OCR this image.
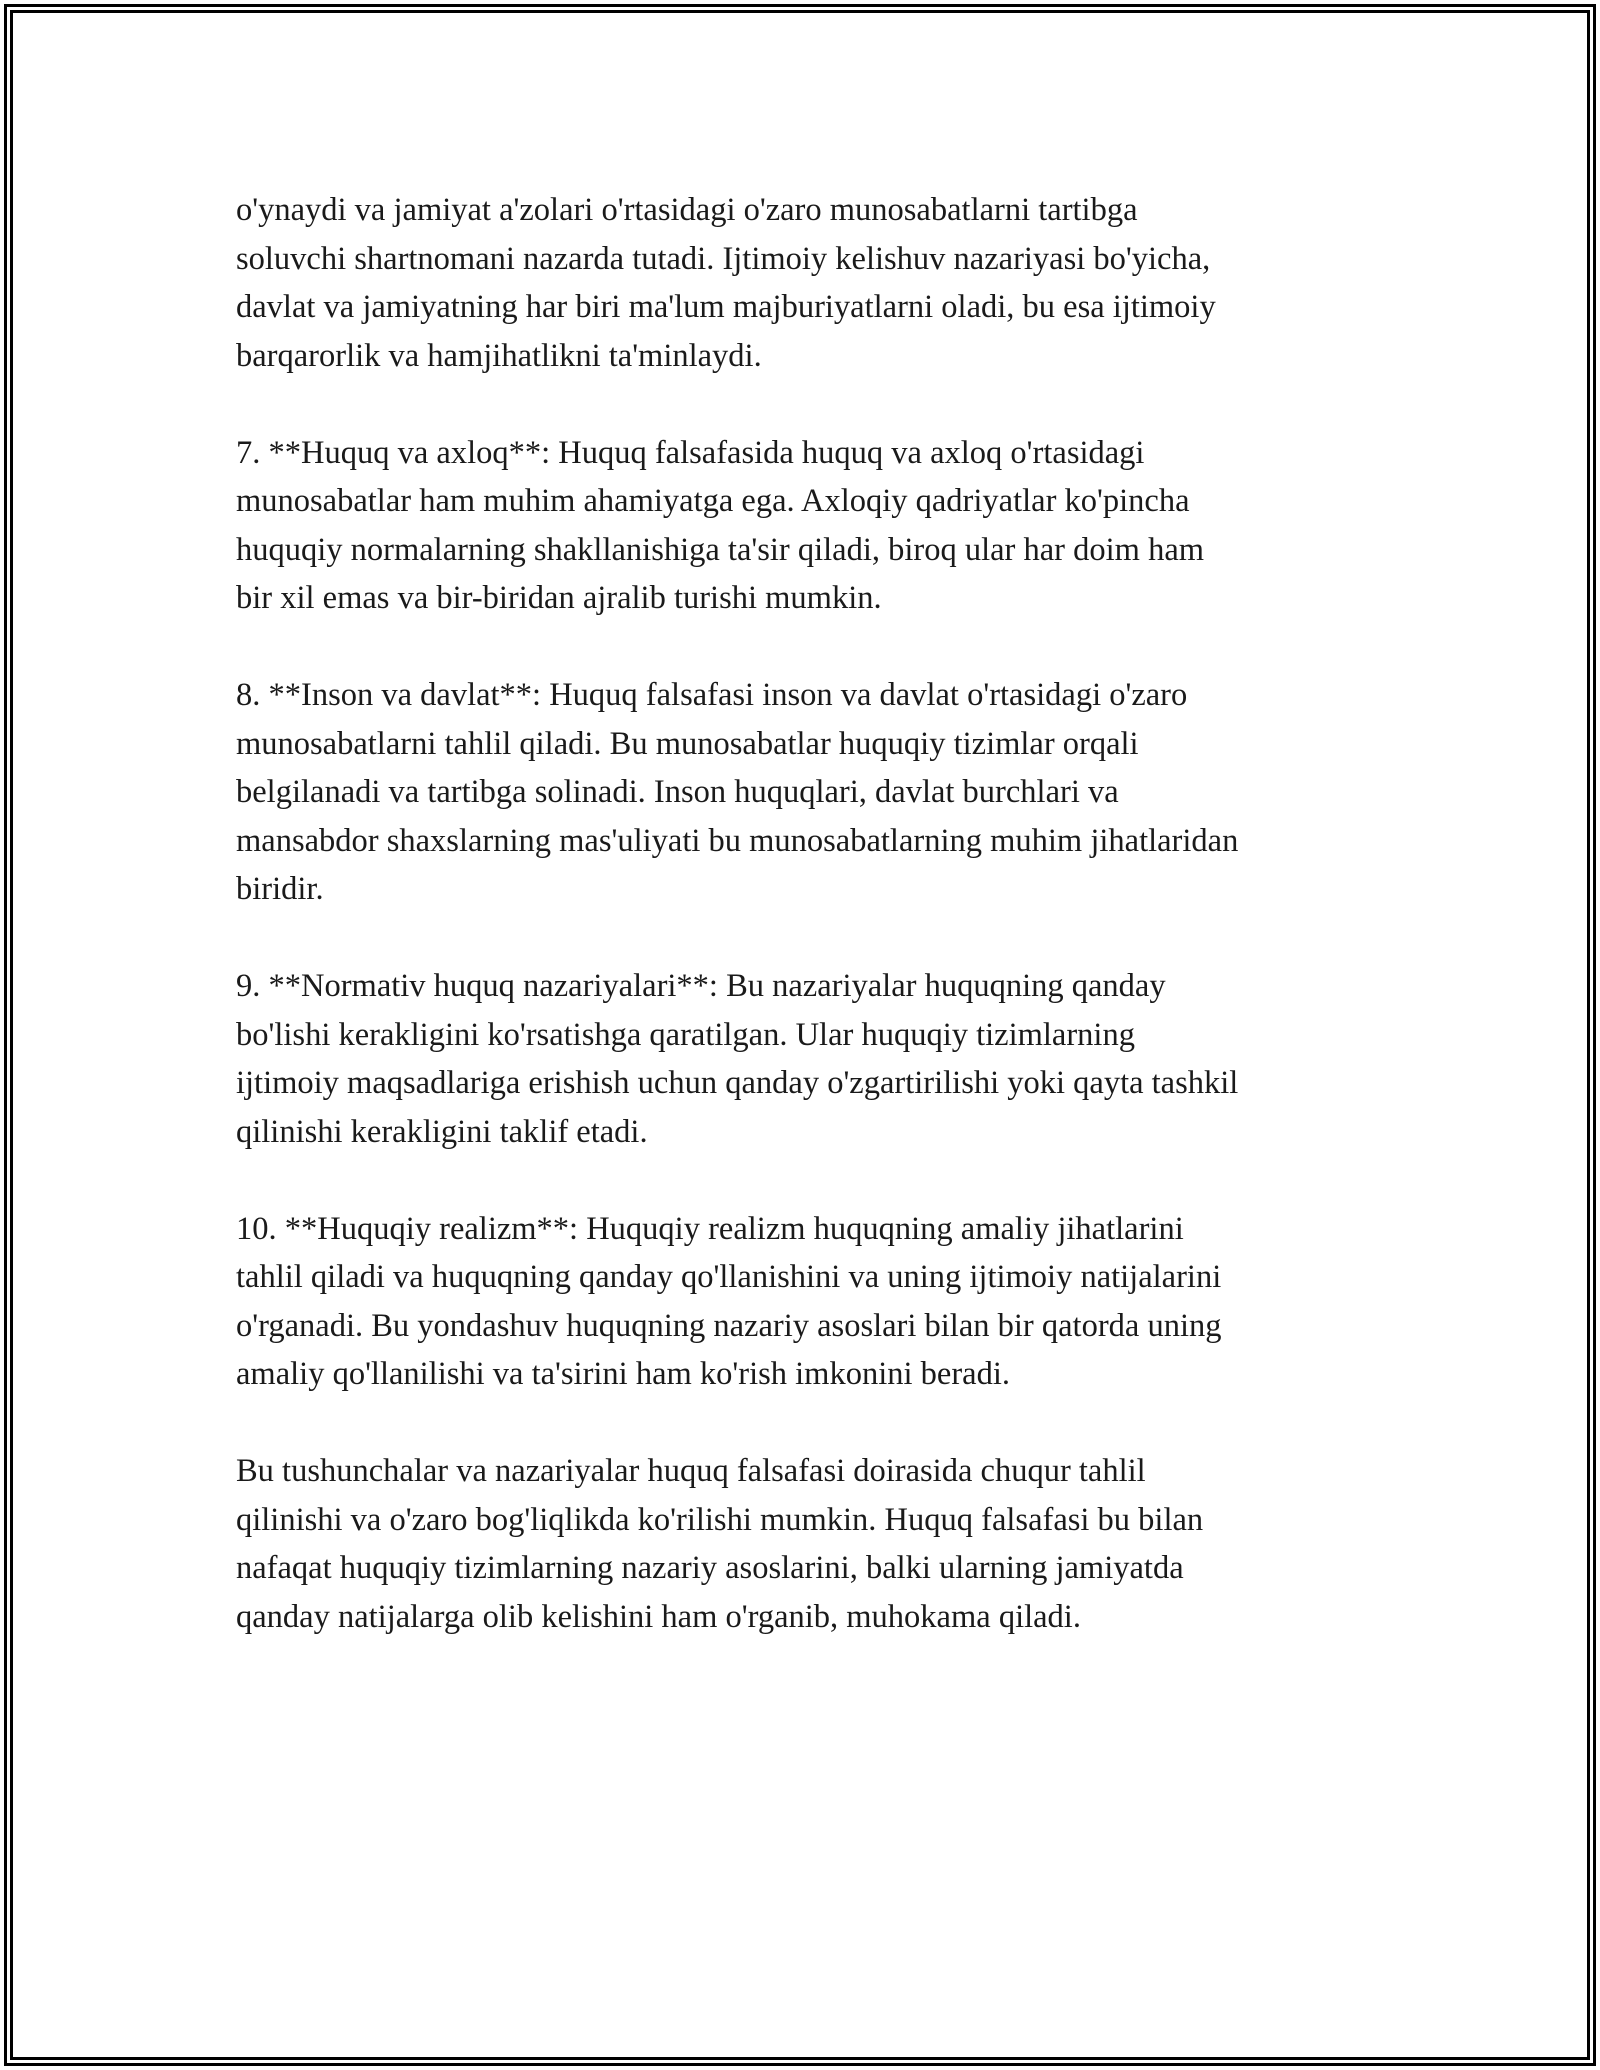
o'ynaydi va jamiyat a'zolari o'rtasidagi o'zaro munosabatlarni tartibga
soluvchi shartnomani nazarda tutadi. Ijtimoiy kelishuv nazariyasi bo'yicha,
davlat va jamiyatning har biri ma'lum majburiyatlarni oladi, bu esa ijtimoiy
barqarorlik va hamjihatlikni ta'minlaydi.

7. **Huquq va axloq**: Huquq falsafasida huquq va axloq o'rtasidagi
munosabatlar ham muhim ahamiyatga ega. Axloqiy qadriyatlar ko'pincha
huquqiy normalarning shakllanishiga ta'sir qiladi, biroq ular har doim ham
bir xil emas va bir-biridan ajralib turishi mumkin.

8. **Inson va davlat**: Huquq falsafasi inson va davlat o'rtasidagi o'zaro
munosabatlarni tahlil qiladi. Bu munosabatlar huquqiy tizimlar orqali
belgilanadi va tartibga solinadi. Inson huquqlari, davlat burchlari va
mansabdor shaxslarning mas'uliyati bu munosabatlarning muhim jihatlaridan
biridir.

9. **Normativ huquq nazariyalari**: Bu nazariyalar huquqning qanday
bo'lishi kerakligini ko'rsatishga qaratilgan. Ular huquqiy tizimlarning
ijtimoiy maqsadlariga erishish uchun qanday o'zgartirilishi yoki qayta tashkil
qilinishi kerakligini taklif etadi.

10. **Huquqiy realizm**: Huquqiy realizm huquqning amaliy jihatlarini
tahlil qiladi va huquqning qanday qo'llanishini va uning ijtimoiy natijalarini
o'rganadi. Bu yondashuv huquqning nazariy asoslari bilan bir qatorda uning
amaliy qo'llanilishi va ta'sirini ham ko'rish imkonini beradi.

Bu tushunchalar va nazariyalar huquq falsafasi doirasida chuqur tahlil
qilinishi va o'zaro bog'liqlikda ko'rilishi mumkin. Huquq falsafasi bu bilan
nafaqat huquqiy tizimlarning nazariy asoslarini, balki ularning jamiyatda
qanday natijalarga olib kelishini ham o'rganib, muhokama qiladi.
